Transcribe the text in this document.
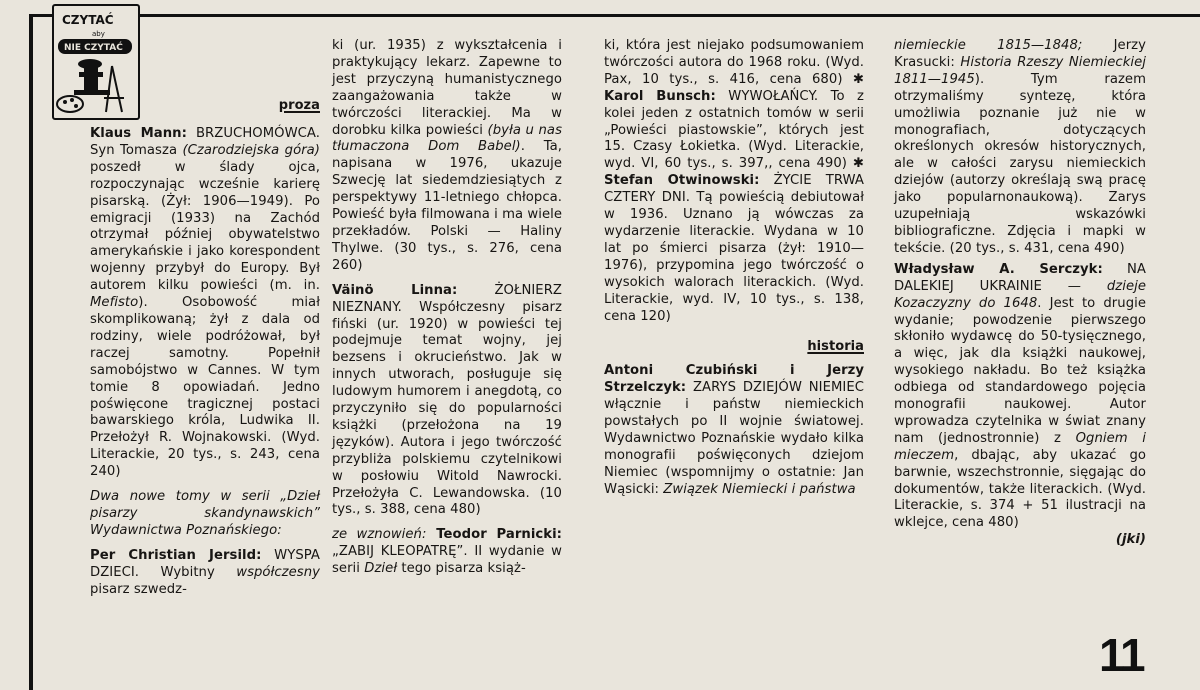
CZYTAĆ
aby
NIE CZYTAĆ
proza

Klaus Mann: BRZUCHOMÓWCA. Syn Tomasza (Czarodziejska góra) poszedł w ślady ojca, rozpoczynając wcześnie karierę pisarską. (Żył: 1906—1949). Po emigracji (1933) na Zachód otrzymał później obywatelstwo amerykańskie i jako korespondent wojenny przybył do Europy. Był autorem kilku powieści (m. in. Mefisto). Osobowość miał skomplikowaną; żył z dala od rodziny, wiele podróżował, był raczej samotny. Popełnił samobójstwo w Cannes. W tym tomie 8 opowiadań. Jedno poświęcone tragicznej postaci bawarskiego króla, Ludwika II. Przełożył R. Wojnakowski. (Wyd. Literackie, 20 tys., s. 243, cena 240)

Dwa nowe tomy w serii „Dzieł pisarzy skandynawskich” Wydawnictwa Poznańskiego:

Per Christian Jersild: WYSPA DZIECI. Wybitny współczesny pisarz szwedz-

ki (ur. 1935) z wykształcenia i praktykujący lekarz. Zapewne to jest przyczyną humanistycznego zaangażowania także w twórczości literackiej. Ma w dorobku kilka powieści (była u nas tłumaczona Dom Babel). Ta, napisana w 1976, ukazuje Szwecję lat siedemdziesiątych z perspektywy 11-letniego chłopca. Powieść była filmowana i ma wiele przekładów. Polski — Haliny Thylwe. (30 tys., s. 276, cena 260)

Väinö Linna: ŻOŁNIERZ NIEZNANY. Współczesny pisarz fiński (ur. 1920) w powieści tej podejmuje temat wojny, jej bezsens i okrucieństwo. Jak w innych utworach, posługuje się ludowym humorem i anegdotą, co przyczyniło się do popularności książki (przełożona na 19 języków). Autora i jego twórczość przybliża polskiemu czytelnikowi w posłowiu Witold Nawrocki. Przełożyła C. Lewandowska. (10 tys., s. 388, cena 480)

ze wznowień: Teodor Parnicki: „ZABIJ KLEOPATRĘ”. II wydanie w serii Dzieł tego pisarza książ-

ki, która jest niejako podsumowaniem twórczości autora do 1968 roku. (Wyd. Pax, 10 tys., s. 416, cena 680) ✱ Karol Bunsch: WYWOŁAŃCY. To z kolei jeden z ostatnich tomów w serii „Powieści piastowskie”, których jest 15. Czasy Łokietka. (Wyd. Literackie, wyd. VI, 60 tys., s. 397,, cena 490) ✱ Stefan Otwinowski: ŻYCIE TRWA CZTERY DNI. Tą powieścią debiutował w 1936. Uznano ją wówczas za wydarzenie literackie. Wydana w 10 lat po śmierci pisarza (żył: 1910—1976), przypomina jego twórczość o wysokich walorach literackich. (Wyd. Literackie, wyd. IV, 10 tys., s. 138, cena 120)

historia

Antoni Czubiński i Jerzy Strzelczyk: ZARYS DZIEJÓW NIEMIEC włącznie i państw niemieckich powstałych po II wojnie światowej. Wydawnictwo Poznańskie wydało kilka monografii poświęconych dziejom Niemiec (wspomnijmy o ostatnie: Jan Wąsicki: Związek Niemiecki i państwa

niemieckie 1815—1848; Jerzy Krasucki: Historia Rzeszy Niemieckiej 1811—1945). Tym razem otrzymaliśmy syntezę, która umożliwia poznanie już nie w monografiach, dotyczących określonych okresów historycznych, ale w całości zarysu niemieckich dziejów (autorzy określają swą pracę jako popularnonaukową). Zarys uzupełniają wskazówki bibliograficzne. Zdjęcia i mapki w tekście. (20 tys., s. 431, cena 490)

Władysław A. Serczyk: NA DALEKIEJ UKRAINIE — dzieje Kozaczyzny do 1648. Jest to drugie wydanie; powodzenie pierwszego skłoniło wydawcę do 50-tysięcznego, a więc, jak dla książki naukowej, wysokiego nakładu. Bo też książka odbiega od standardowego pojęcia monografii naukowej. Autor wprowadza czytelnika w świat znany nam (jednostronnie) z Ogniem i mieczem, dbając, aby ukazać go barwnie, wszechstronnie, sięgając do dokumentów, także literackich. (Wyd. Literackie, s. 374 + 51 ilustracji na wklejce, cena 480)

(jki)
11
